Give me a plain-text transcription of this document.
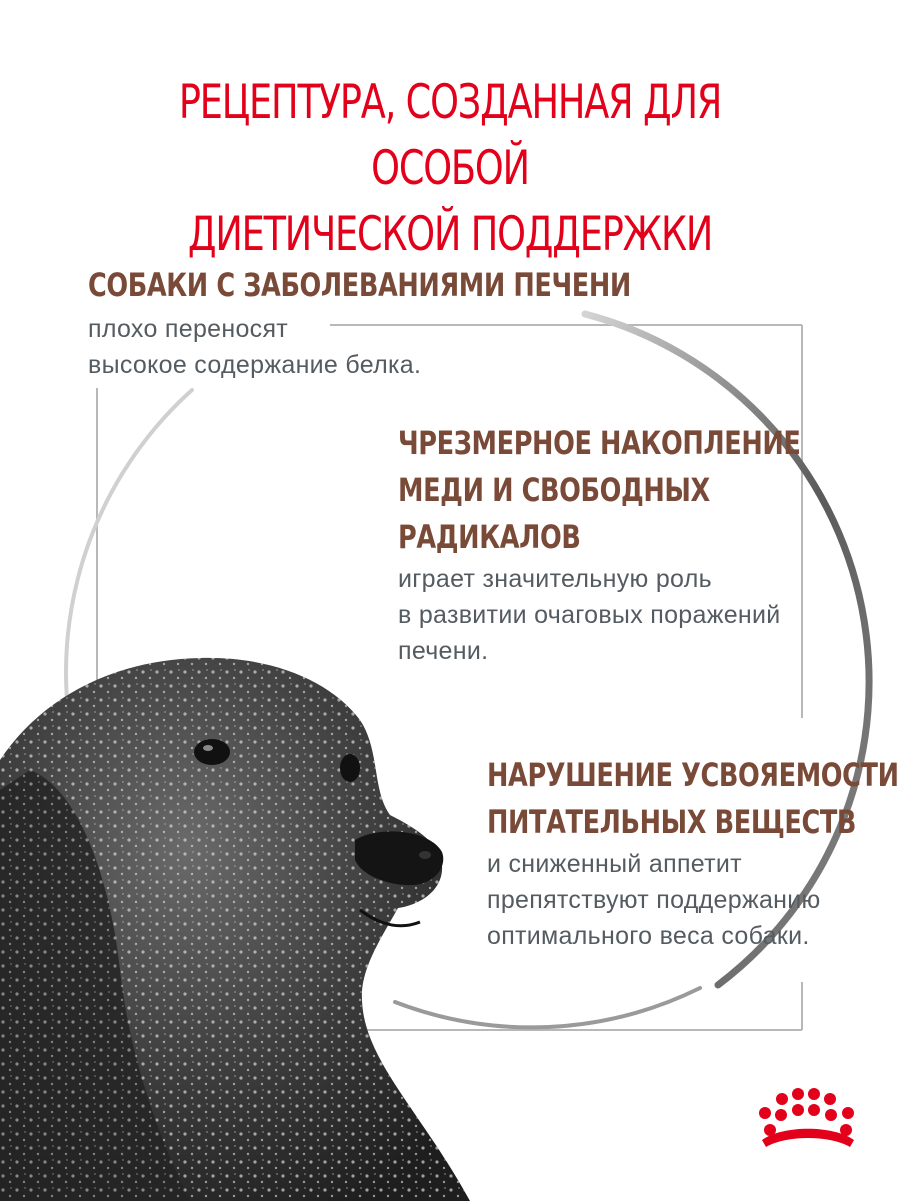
РЕЦЕПТУРА, СОЗДАННАЯ ДЛЯ ОСОБОЙ
ДИЕТИЧЕСКОЙ ПОДДЕРЖКИ
СОБАКИ С ЗАБОЛЕВАНИЯМИ ПЕЧЕНИ

плохо переносят
высокое содержание белка.

ЧРЕЗМЕРНОЕ НАКОПЛЕНИЕ
МЕДИ И СВОБОДНЫХ
РАДИКАЛОВ

играет значительную роль
в развитии очаговых поражений
печени.

НАРУШЕНИЕ УСВОЯЕМОСТИ
ПИТАТЕЛЬНЫХ ВЕЩЕСТВ

и сниженный аппетит
препятствуют поддержанию
оптимального веса собаки.
